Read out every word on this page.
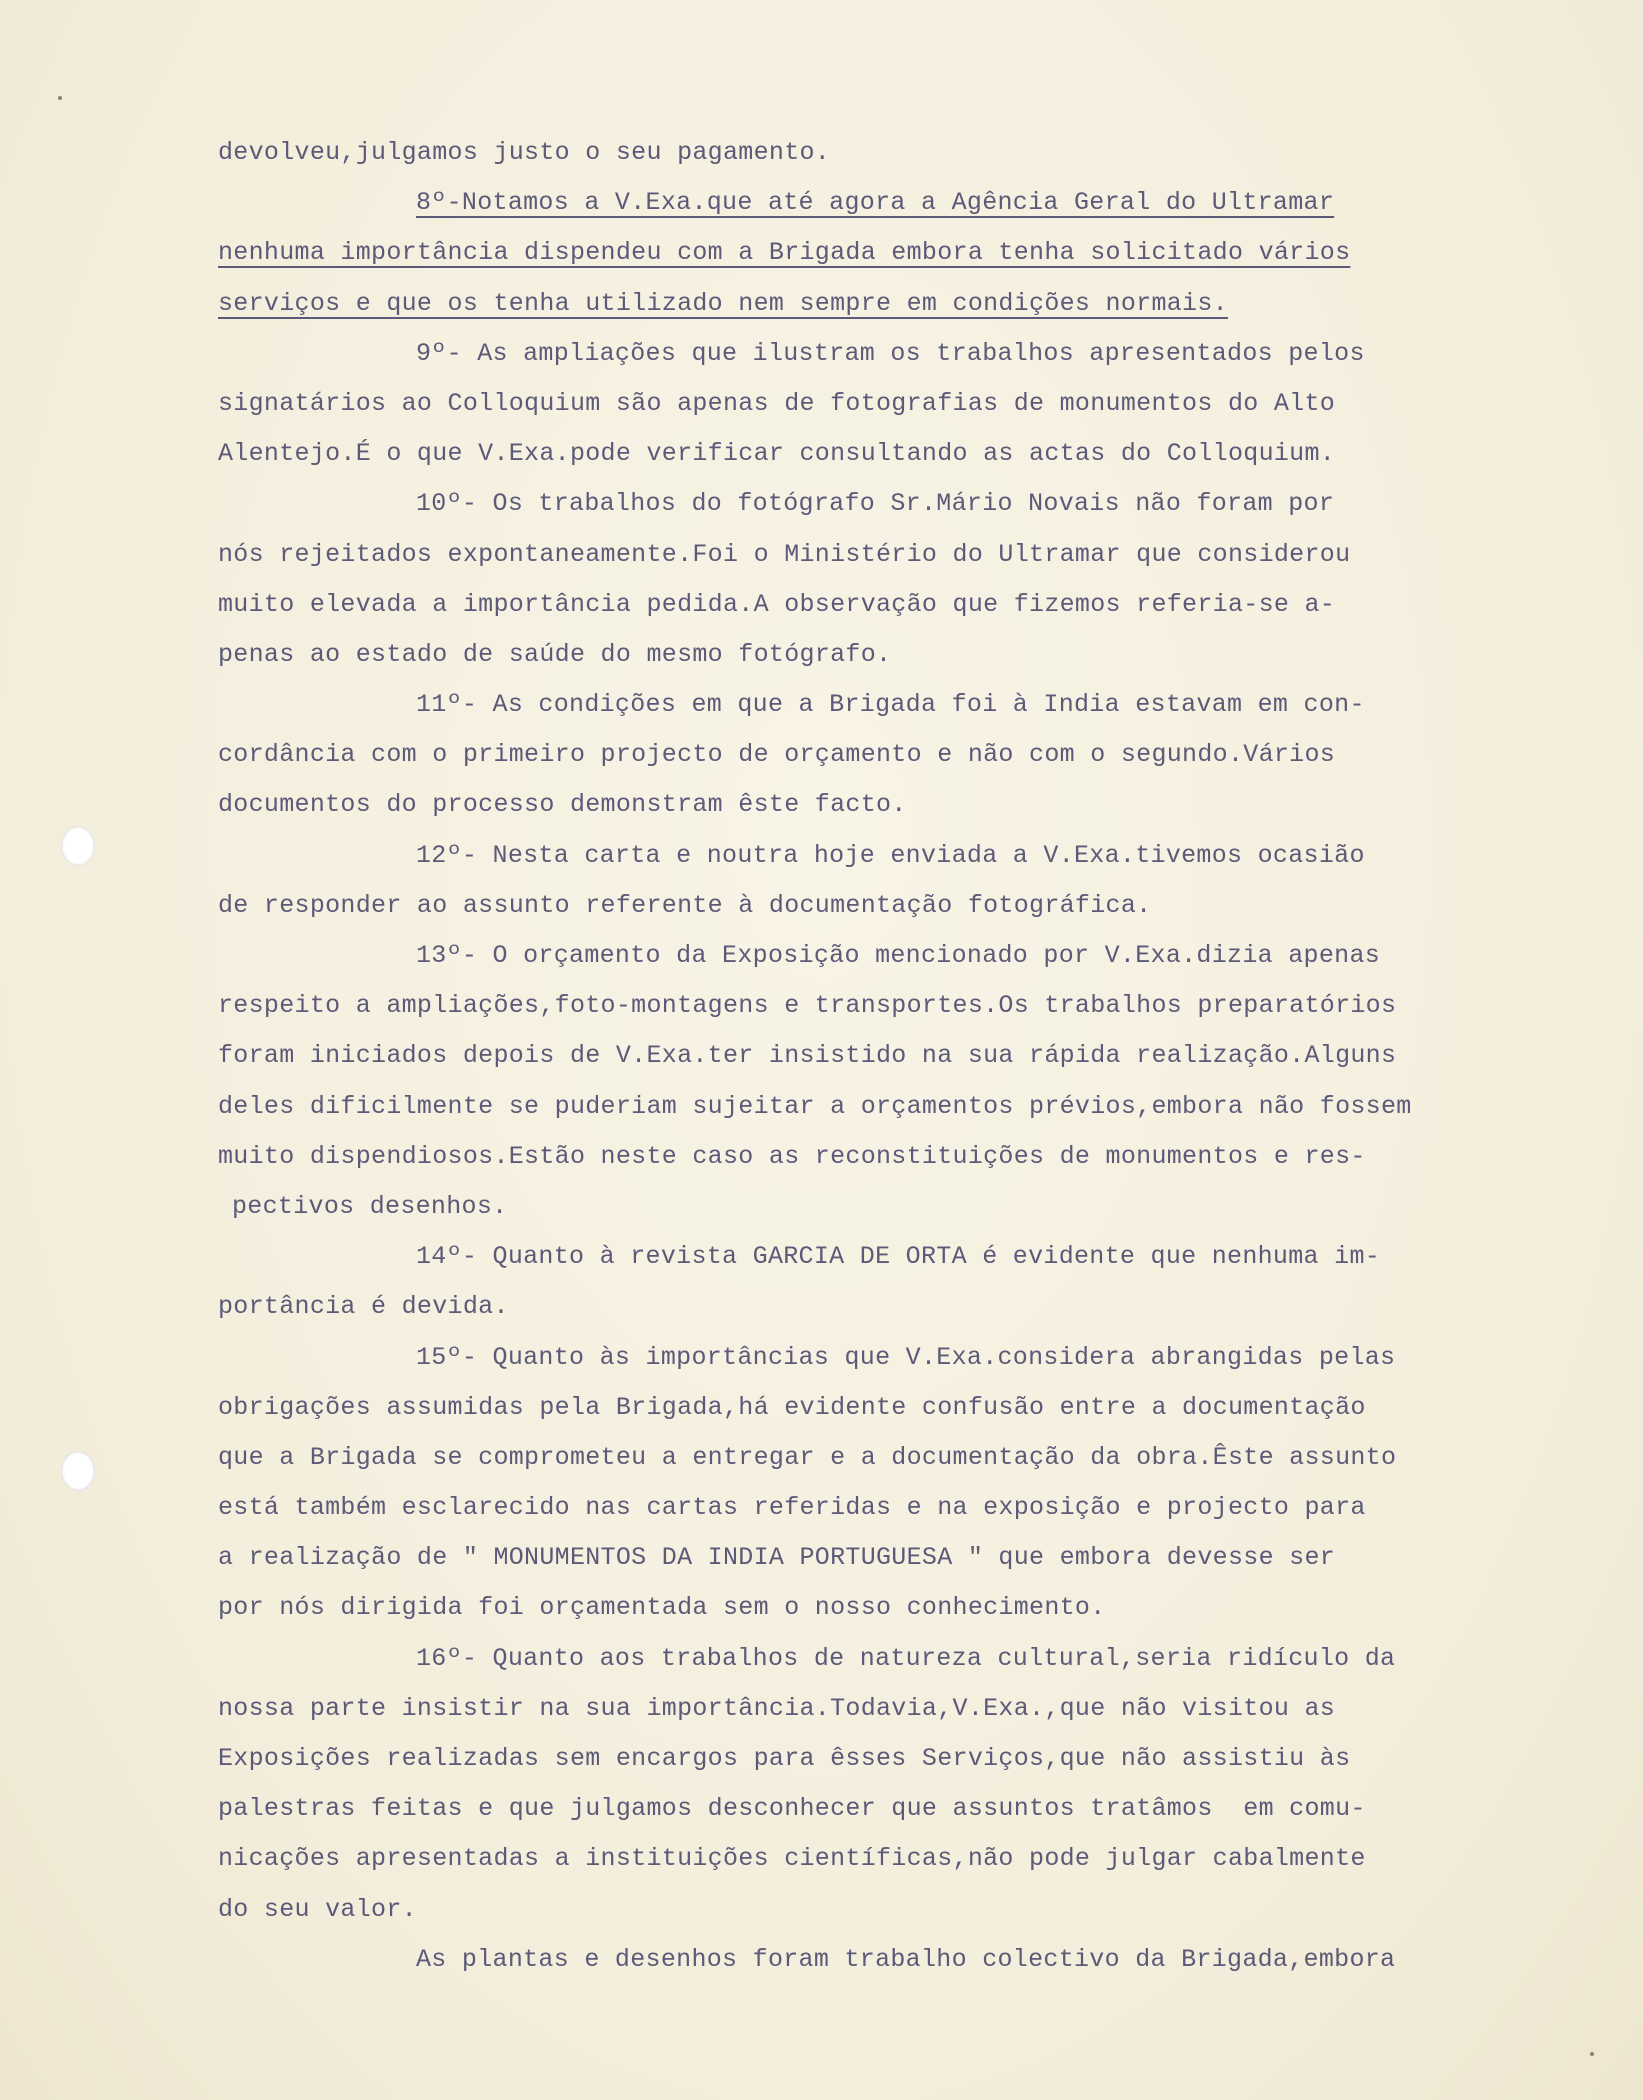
devolveu,julgamos justo o seu pagamento.
8º-Notamos a V.Exa.que até agora a Agência Geral do Ultramar
nenhuma importância dispendeu com a Brigada embora tenha solicitado vários
serviços e que os tenha utilizado nem sempre em condições normais.
9º- As ampliações que ilustram os trabalhos apresentados pelos
signatários ao Colloquium são apenas de fotografias de monumentos do Alto
Alentejo.É o que V.Exa.pode verificar consultando as actas do Colloquium.
10º- Os trabalhos do fotógrafo Sr.Mário Novais não foram por
nós rejeitados expontaneamente.Foi o Ministério do Ultramar que considerou
muito elevada a importância pedida.A observação que fizemos referia-se a-
penas ao estado de saúde do mesmo fotógrafo.
11º- As condições em que a Brigada foi à India estavam em con-
cordância com o primeiro projecto de orçamento e não com o segundo.Vários
documentos do processo demonstram êste facto.
12º- Nesta carta e noutra hoje enviada a V.Exa.tivemos ocasião
de responder ao assunto referente à documentação fotográfica.
13º- O orçamento da Exposição mencionado por V.Exa.dizia apenas
respeito a ampliações,foto-montagens e transportes.Os trabalhos preparatórios
foram iniciados depois de V.Exa.ter insistido na sua rápida realização.Alguns
deles dificilmente se puderiam sujeitar a orçamentos prévios,embora não fossem
muito dispendiosos.Estão neste caso as reconstituições de monumentos e res-
pectivos desenhos.
14º- Quanto à revista GARCIA DE ORTA é evidente que nenhuma im-
portância é devida.
15º- Quanto às importâncias que V.Exa.considera abrangidas pelas
obrigações assumidas pela Brigada,há evidente confusão entre a documentação
que a Brigada se comprometeu a entregar e a documentação da obra.Êste assunto
está também esclarecido nas cartas referidas e na exposição e projecto para
a realização de " MONUMENTOS DA INDIA PORTUGUESA " que embora devesse ser
por nós dirigida foi orçamentada sem o nosso conhecimento.
16º- Quanto aos trabalhos de natureza cultural,seria ridículo da
nossa parte insistir na sua importância.Todavia,V.Exa.,que não visitou as
Exposições realizadas sem encargos para êsses Serviços,que não assistiu às
palestras feitas e que julgamos desconhecer que assuntos tratâmos  em comu-
nicações apresentadas a instituições científicas,não pode julgar cabalmente
do seu valor.
As plantas e desenhos foram trabalho colectivo da Brigada,embora
